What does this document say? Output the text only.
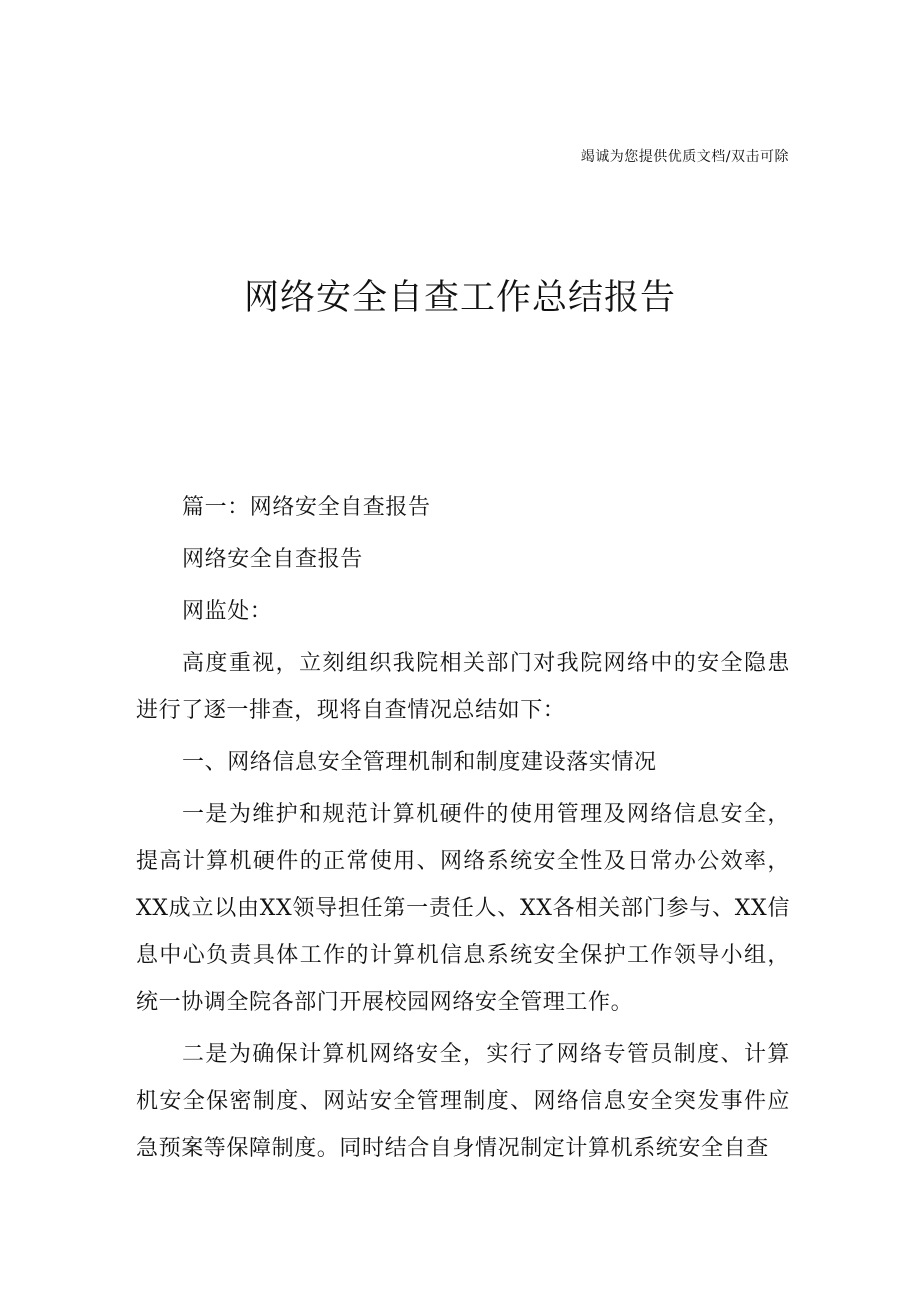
竭诚为您提供优质文档/双击可除
网络安全自查工作总结报告

篇一：网络安全自查报告

网络安全自查报告

网监处：

高度重视，立刻组织我院相关部门对我院网络中的安全隐患进行了逐一排查，现将自查情况总结如下：

一、网络信息安全管理机制和制度建设落实情况

一是为维护和规范计算机硬件的使用管理及网络信息安全，提高计算机硬件的正常使用、网络系统安全性及日常办公效率，XX成立以由XX领导担任第一责任人、XX各相关部门参与、XX信息中心负责具体工作的计算机信息系统安全保护工作领导小组，统一协调全院各部门开展校园网络安全管理工作。

二是为确保计算机网络安全，实行了网络专管员制度、计算机安全保密制度、网站安全管理制度、网络信息安全突发事件应急预案等保障制度。同时结合自身情况制定计算机系统安全自查
